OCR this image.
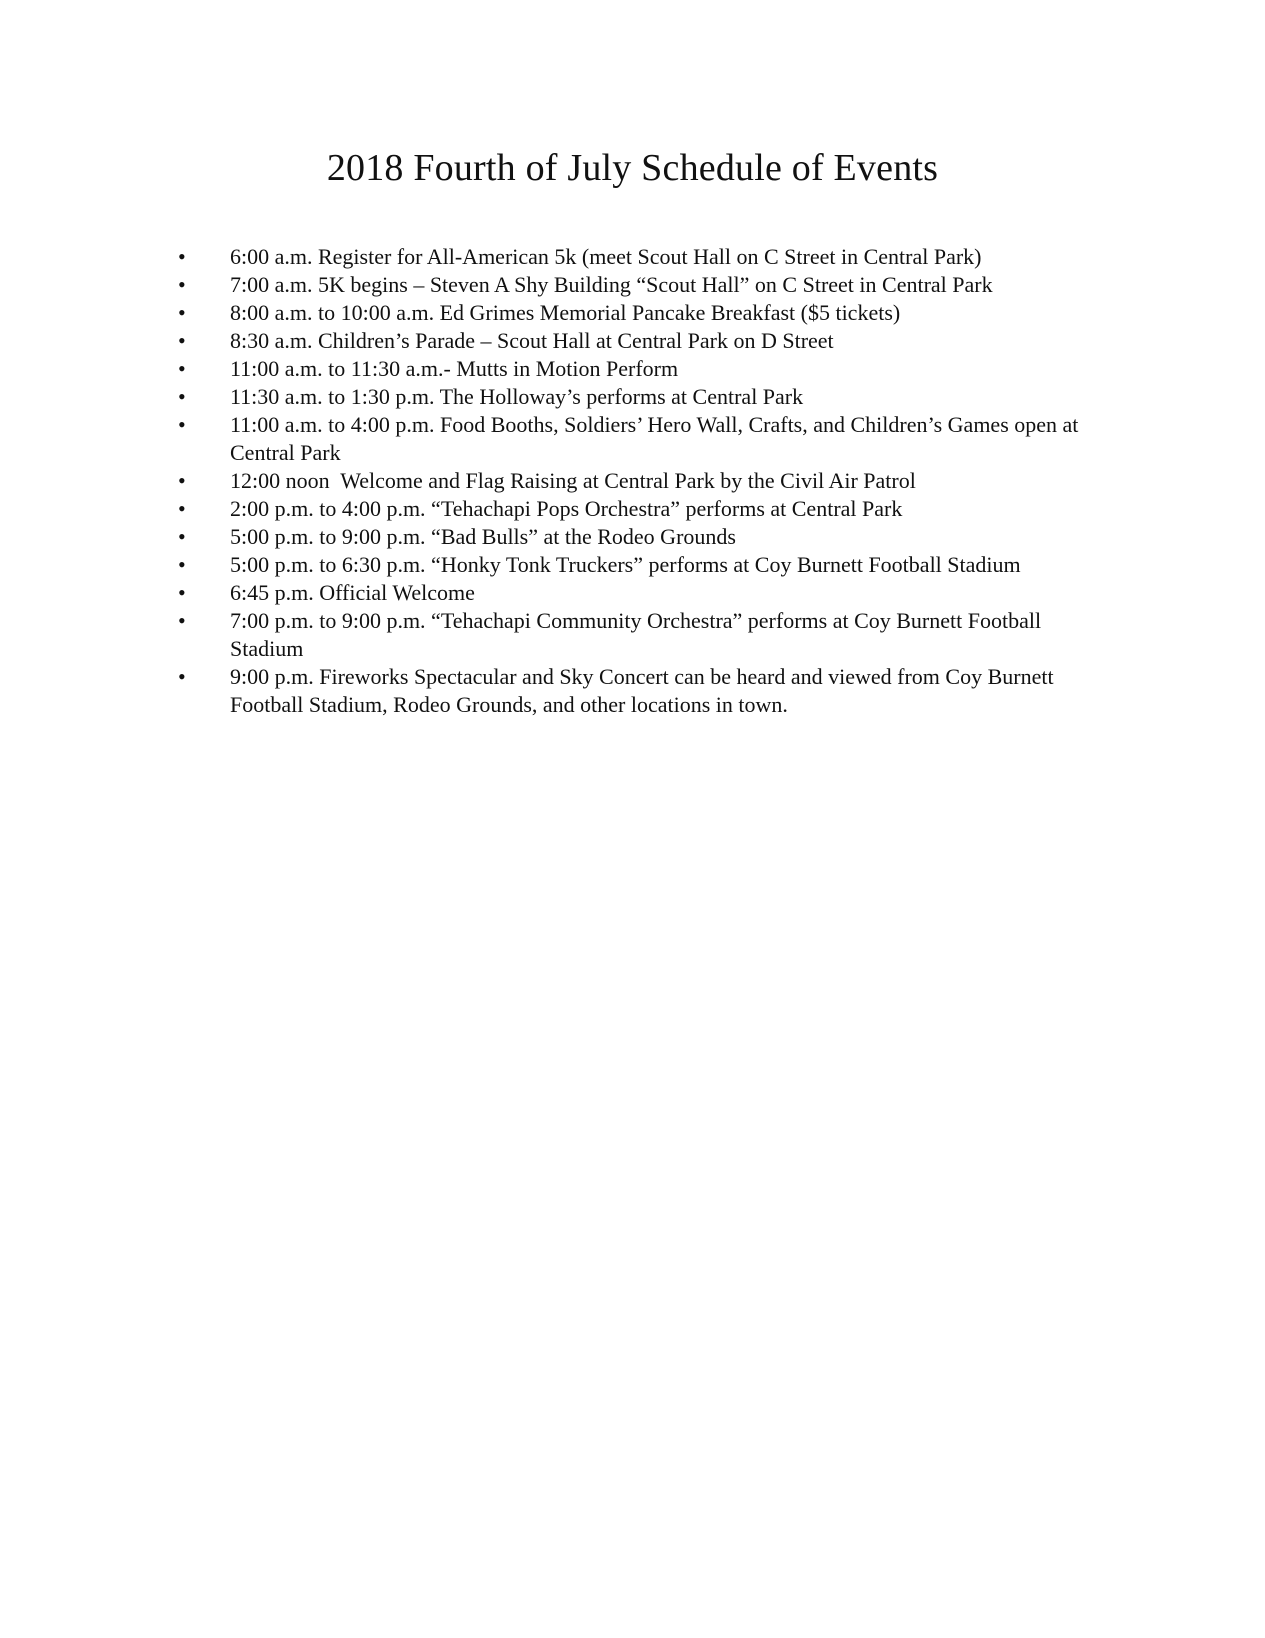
2018 Fourth of July Schedule of Events
•	6:00 a.m. Register for All-American 5k (meet Scout Hall on C Street in Central Park)
•	7:00 a.m. 5K begins – Steven A Shy Building “Scout Hall” on C Street in Central Park
•	8:00 a.m. to 10:00 a.m. Ed Grimes Memorial Pancake Breakfast ($5 tickets)
•	8:30 a.m. Children’s Parade – Scout Hall at Central Park on D Street
•	11:00 a.m. to 11:30 a.m.- Mutts in Motion Perform
•	11:30 a.m. to 1:30 p.m. The Holloway’s performs at Central Park
•	11:00 a.m. to 4:00 p.m. Food Booths, Soldiers’ Hero Wall, Crafts, and Children’s Games open at Central Park
•	12:00 noon  Welcome and Flag Raising at Central Park by the Civil Air Patrol
•	2:00 p.m. to 4:00 p.m. “Tehachapi Pops Orchestra” performs at Central Park
•	5:00 p.m. to 9:00 p.m. “Bad Bulls” at the Rodeo Grounds
•	5:00 p.m. to 6:30 p.m. “Honky Tonk Truckers” performs at Coy Burnett Football Stadium
•	6:45 p.m. Official Welcome
•	7:00 p.m. to 9:00 p.m. “Tehachapi Community Orchestra” performs at Coy Burnett Football Stadium
•	9:00 p.m. Fireworks Spectacular and Sky Concert can be heard and viewed from Coy Burnett Football Stadium, Rodeo Grounds, and other locations in town.
